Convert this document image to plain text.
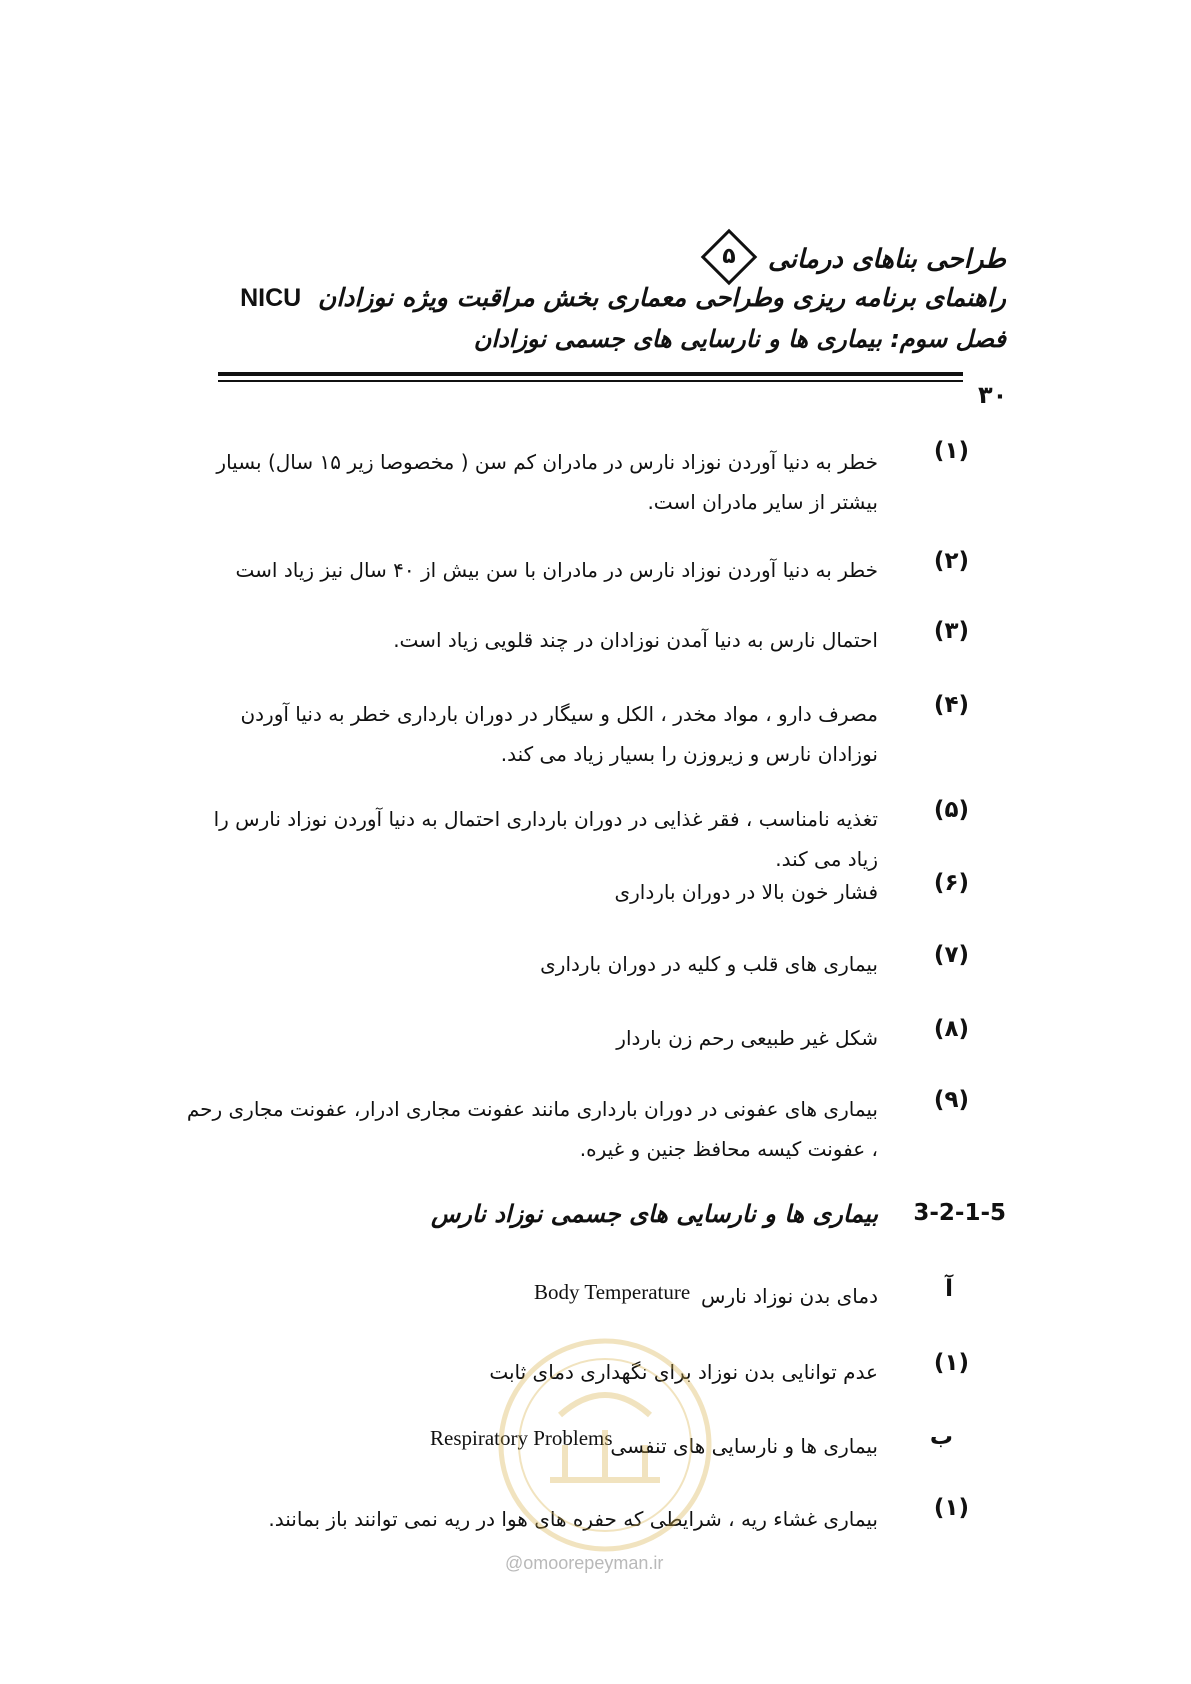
طراحی بناهای درمانی
۵
راهنمای برنامه ریزی وطراحی معماری بخش مراقبت ویژه نوزادان NICU
فصل سوم: بیماری ها و نارسایی های جسمی نوزادان
۳۰
(۱)
خطر به دنیا آوردن نوزاد نارس در مادران کم سن ( مخصوصا زیر ۱۵ سال) بسیار بیشتر از سایر مادران است.
(۲)
خطر به دنیا آوردن نوزاد نارس در مادران با سن بیش از ۴۰ سال نیز زیاد است
(۳)
احتمال نارس به دنیا آمدن نوزادان در چند قلویی زیاد است.
(۴)
مصرف دارو ، مواد مخدر ، الکل و سیگار در دوران بارداری خطر به دنیا آوردن نوزادان نارس و زیروزن را بسیار زیاد می کند.
(۵)
تغذیه نامناسب ، فقر غذایی در دوران بارداری احتمال به دنیا آوردن نوزاد نارس را زیاد می کند.
(۶)
فشار خون بالا در دوران بارداری
(۷)
بیماری های قلب و کلیه در دوران بارداری
(۸)
شکل غیر طبیعی رحم زن باردار
(۹)
بیماری های عفونی در دوران بارداری مانند عفونت مجاری ادرار، عفونت مجاری رحم ، عفونت کیسه محافظ جنین و غیره.
3-2-1-5
بیماری ها و نارسایی های جسمی نوزاد نارس
آ
دمای بدن نوزاد نارس
Body Temperature
(۱)
عدم توانایی بدن نوزاد برای نگهداری دمای ثابت
ب
بیماری ها و نارسایی های تنفسی
Respiratory Problems
(۱)
بیماری غشاء ریه ، شرایطی که حفره های هوا در ریه نمی توانند باز بمانند.
@omoorepeyman.ir
